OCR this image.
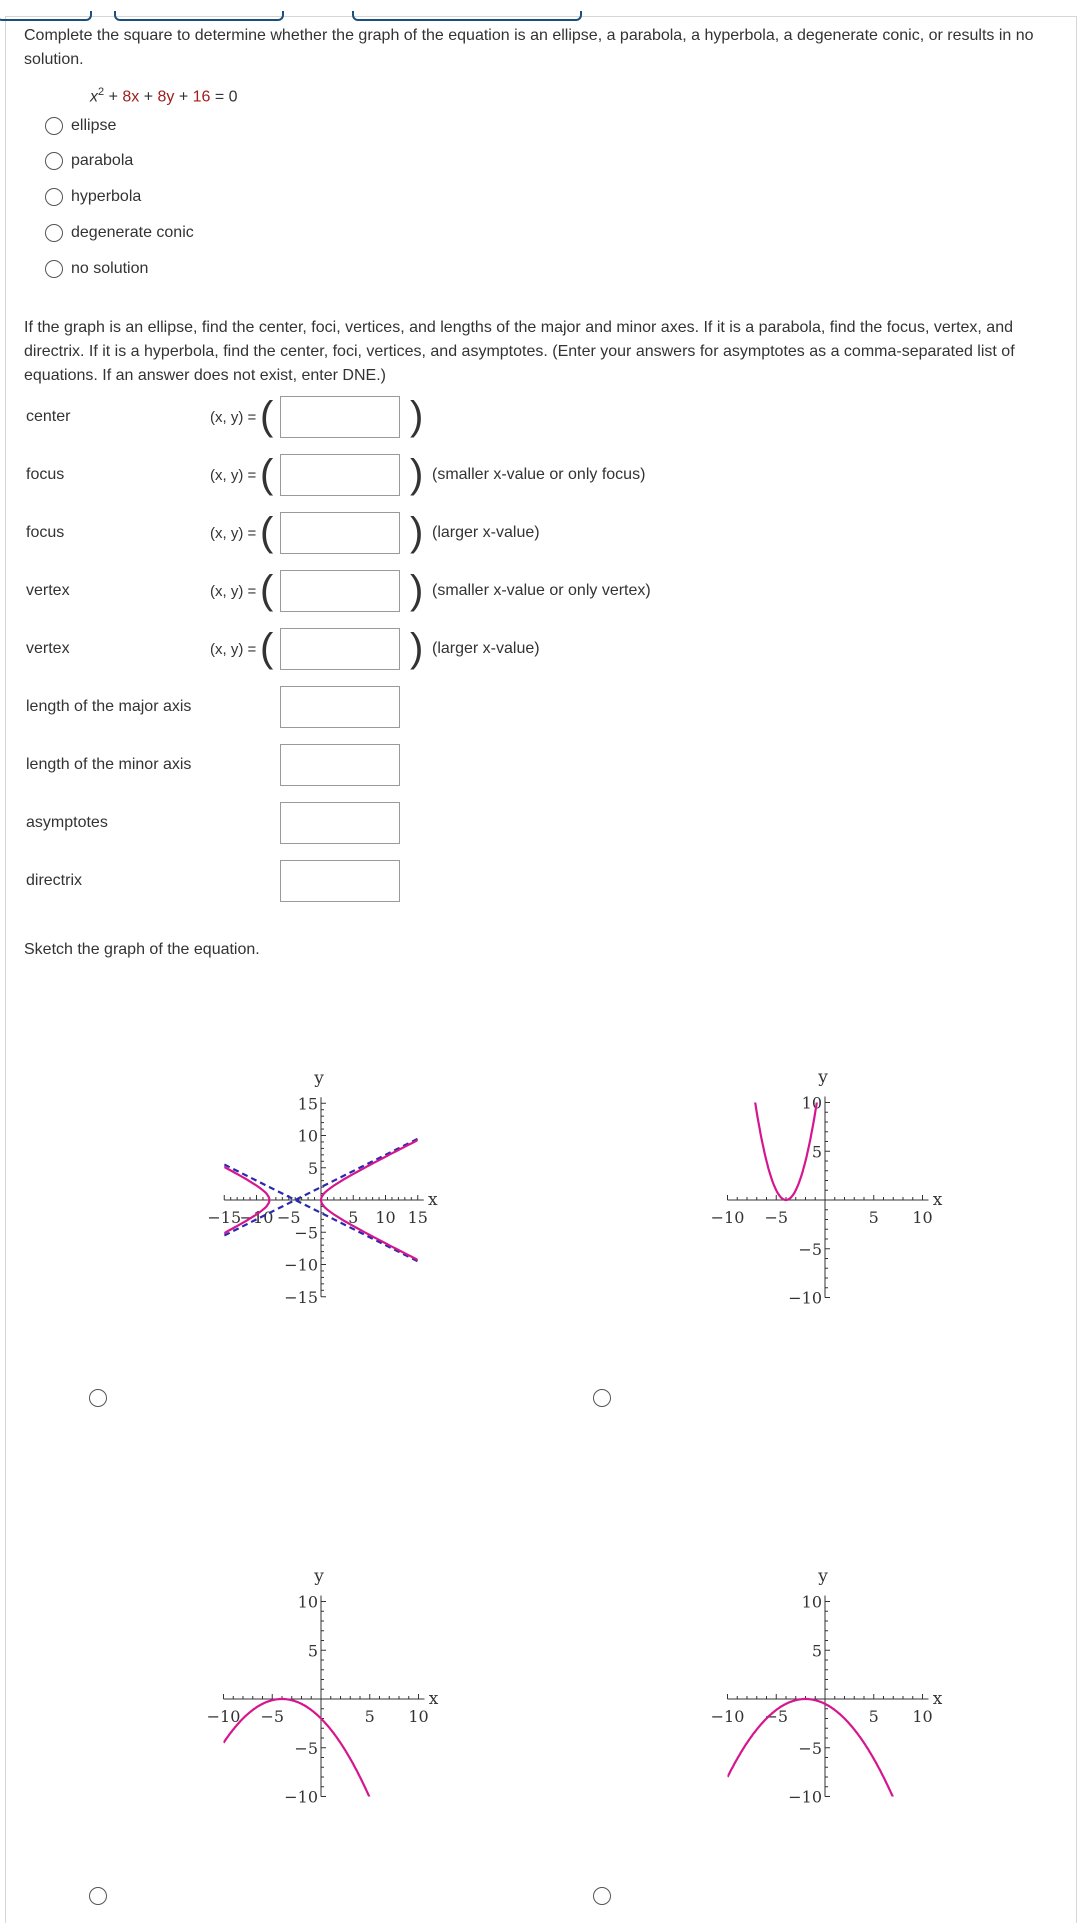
Complete the square to determine whether the graph of the equation is an ellipse, a parabola, a hyperbola, a degenerate conic, or results in no solution.
$x^2 + 8x + 8y + 16 = 0$
ellipse
parabola
hyperbola
degenerate conic
no solution
If the graph is an ellipse, find the center, foci, vertices, and lengths of the major and minor axes. If it is a parabola, find the focus, vertex, and directrix. If it is a hyperbola, find the center, foci, vertices, and asymptotes. (Enter your answers for asymptotes as a comma-separated list of equations. If an answer does not exist, enter DNE.)
center	(x, y) = (	)
focus	(x, y) = (	) (smaller x-value or only focus)
focus	(x, y) = (	) (larger x-value)
vertex	(x, y) = (	) (smaller x-value or only vertex)
vertex	(x, y) = (	) (larger x-value)
length of the major axis
length of the minor axis
asymptotes
directrix
Sketch the graph of the equation.
−15
−10 −5	5 10 15
15
10
5
−5
−10
−15
x
y
−10 −5	5 10
10
5
−5
−10
x
y
−10 −5	5 10
10
5
−5
−10
x
y
−10 −5	5 10
10
5
−5
−10
x
y
